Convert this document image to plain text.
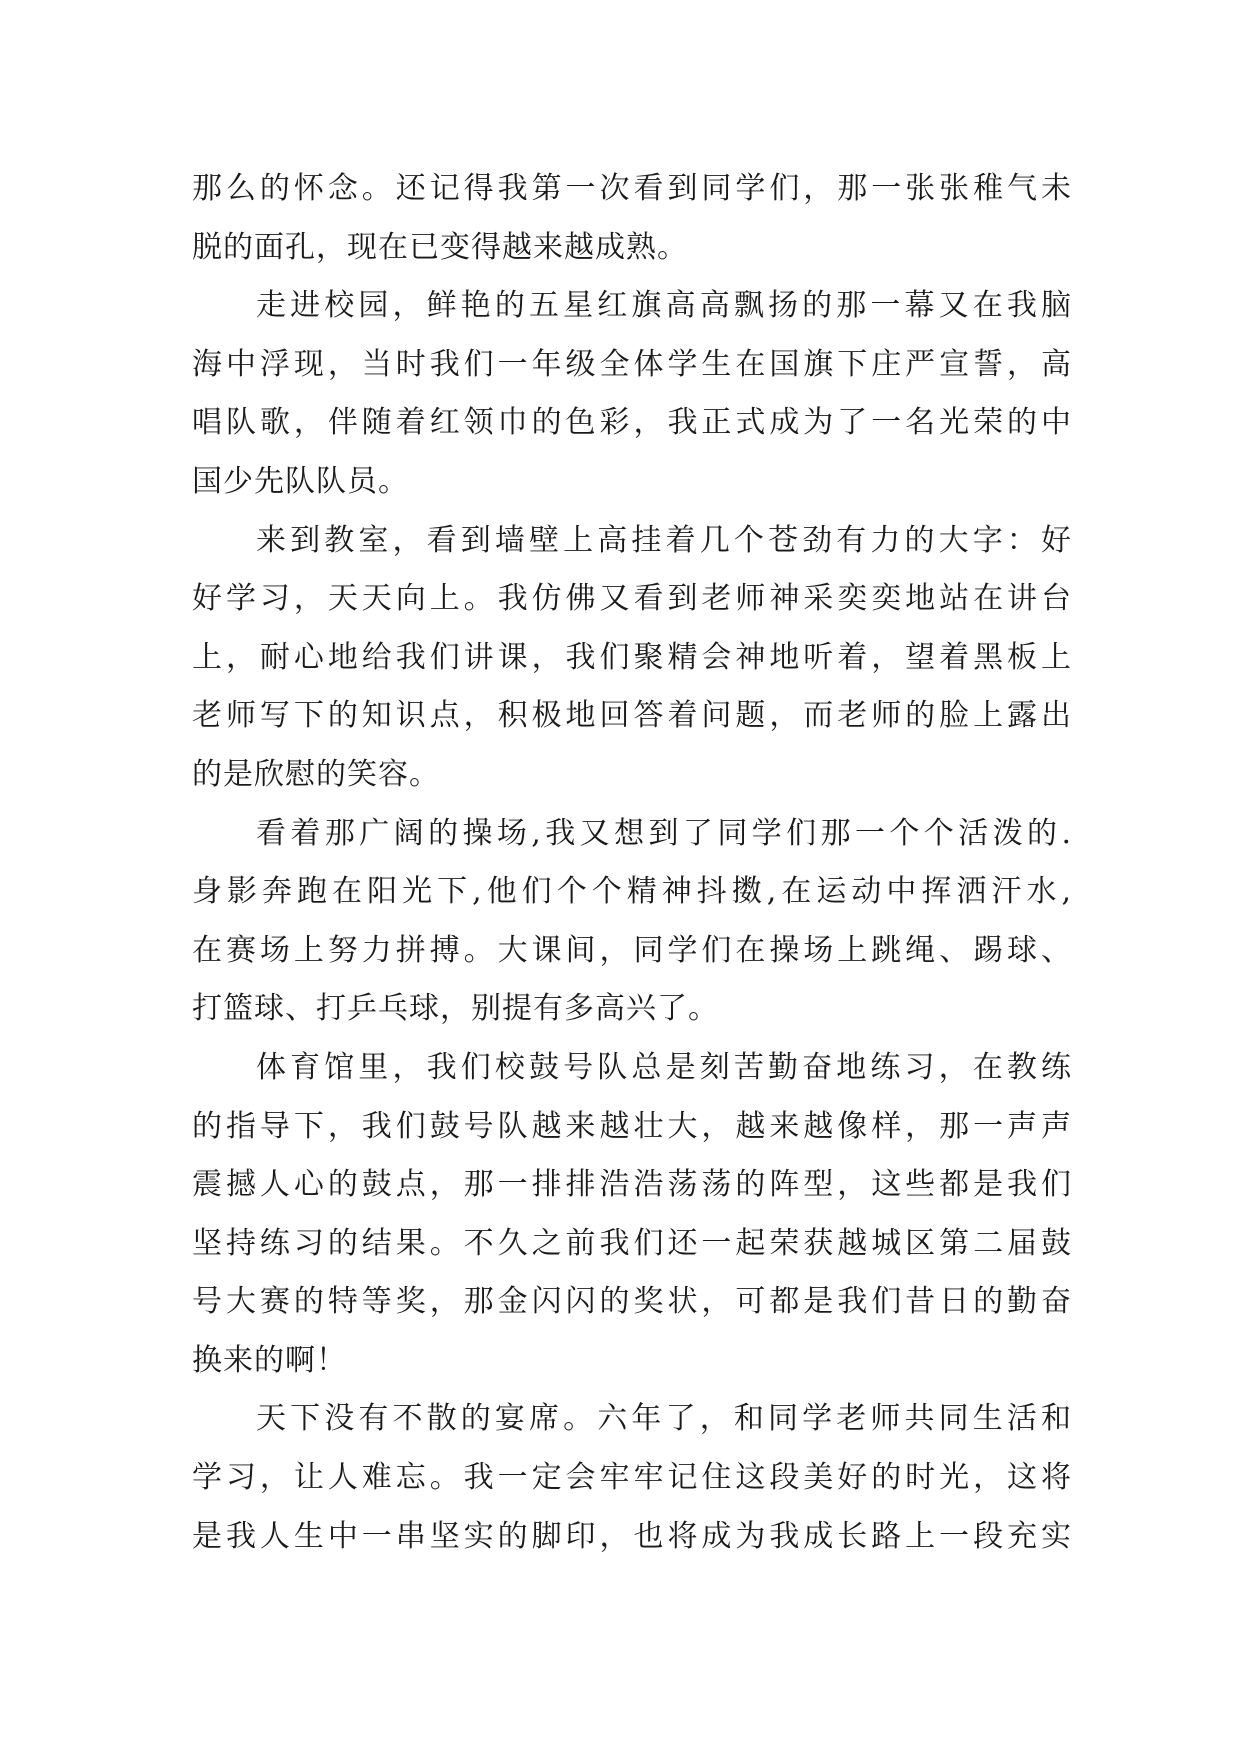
那么的怀念。还记得我第一次看到同学们，那一张张稚气未
脱的面孔，现在已变得越来越成熟。
走进校园，鲜艳的五星红旗高高飘扬的那一幕又在我脑
海中浮现，当时我们一年级全体学生在国旗下庄严宣誓，高
唱队歌，伴随着红领巾的色彩，我正式成为了一名光荣的中
国少先队队员。
来到教室，看到墙壁上高挂着几个苍劲有力的大字：好
好学习，天天向上。我仿佛又看到老师神采奕奕地站在讲台
上，耐心地给我们讲课，我们聚精会神地听着，望着黑板上
老师写下的知识点，积极地回答着问题，而老师的脸上露出
的是欣慰的笑容。
看着那广阔的操场,我又想到了同学们那一个个活泼的.
身影奔跑在阳光下,他们个个精神抖擞,在运动中挥洒汗水,
在赛场上努力拼搏。大课间，同学们在操场上跳绳、踢球、
打篮球、打乒乓球，别提有多高兴了。
体育馆里，我们校鼓号队总是刻苦勤奋地练习，在教练
的指导下，我们鼓号队越来越壮大，越来越像样，那一声声
震撼人心的鼓点，那一排排浩浩荡荡的阵型，这些都是我们
坚持练习的结果。不久之前我们还一起荣获越城区第二届鼓
号大赛的特等奖，那金闪闪的奖状，可都是我们昔日的勤奋
换来的啊！
天下没有不散的宴席。六年了，和同学老师共同生活和
学习，让人难忘。我一定会牢牢记住这段美好的时光，这将
是我人生中一串坚实的脚印，也将成为我成长路上一段充实
